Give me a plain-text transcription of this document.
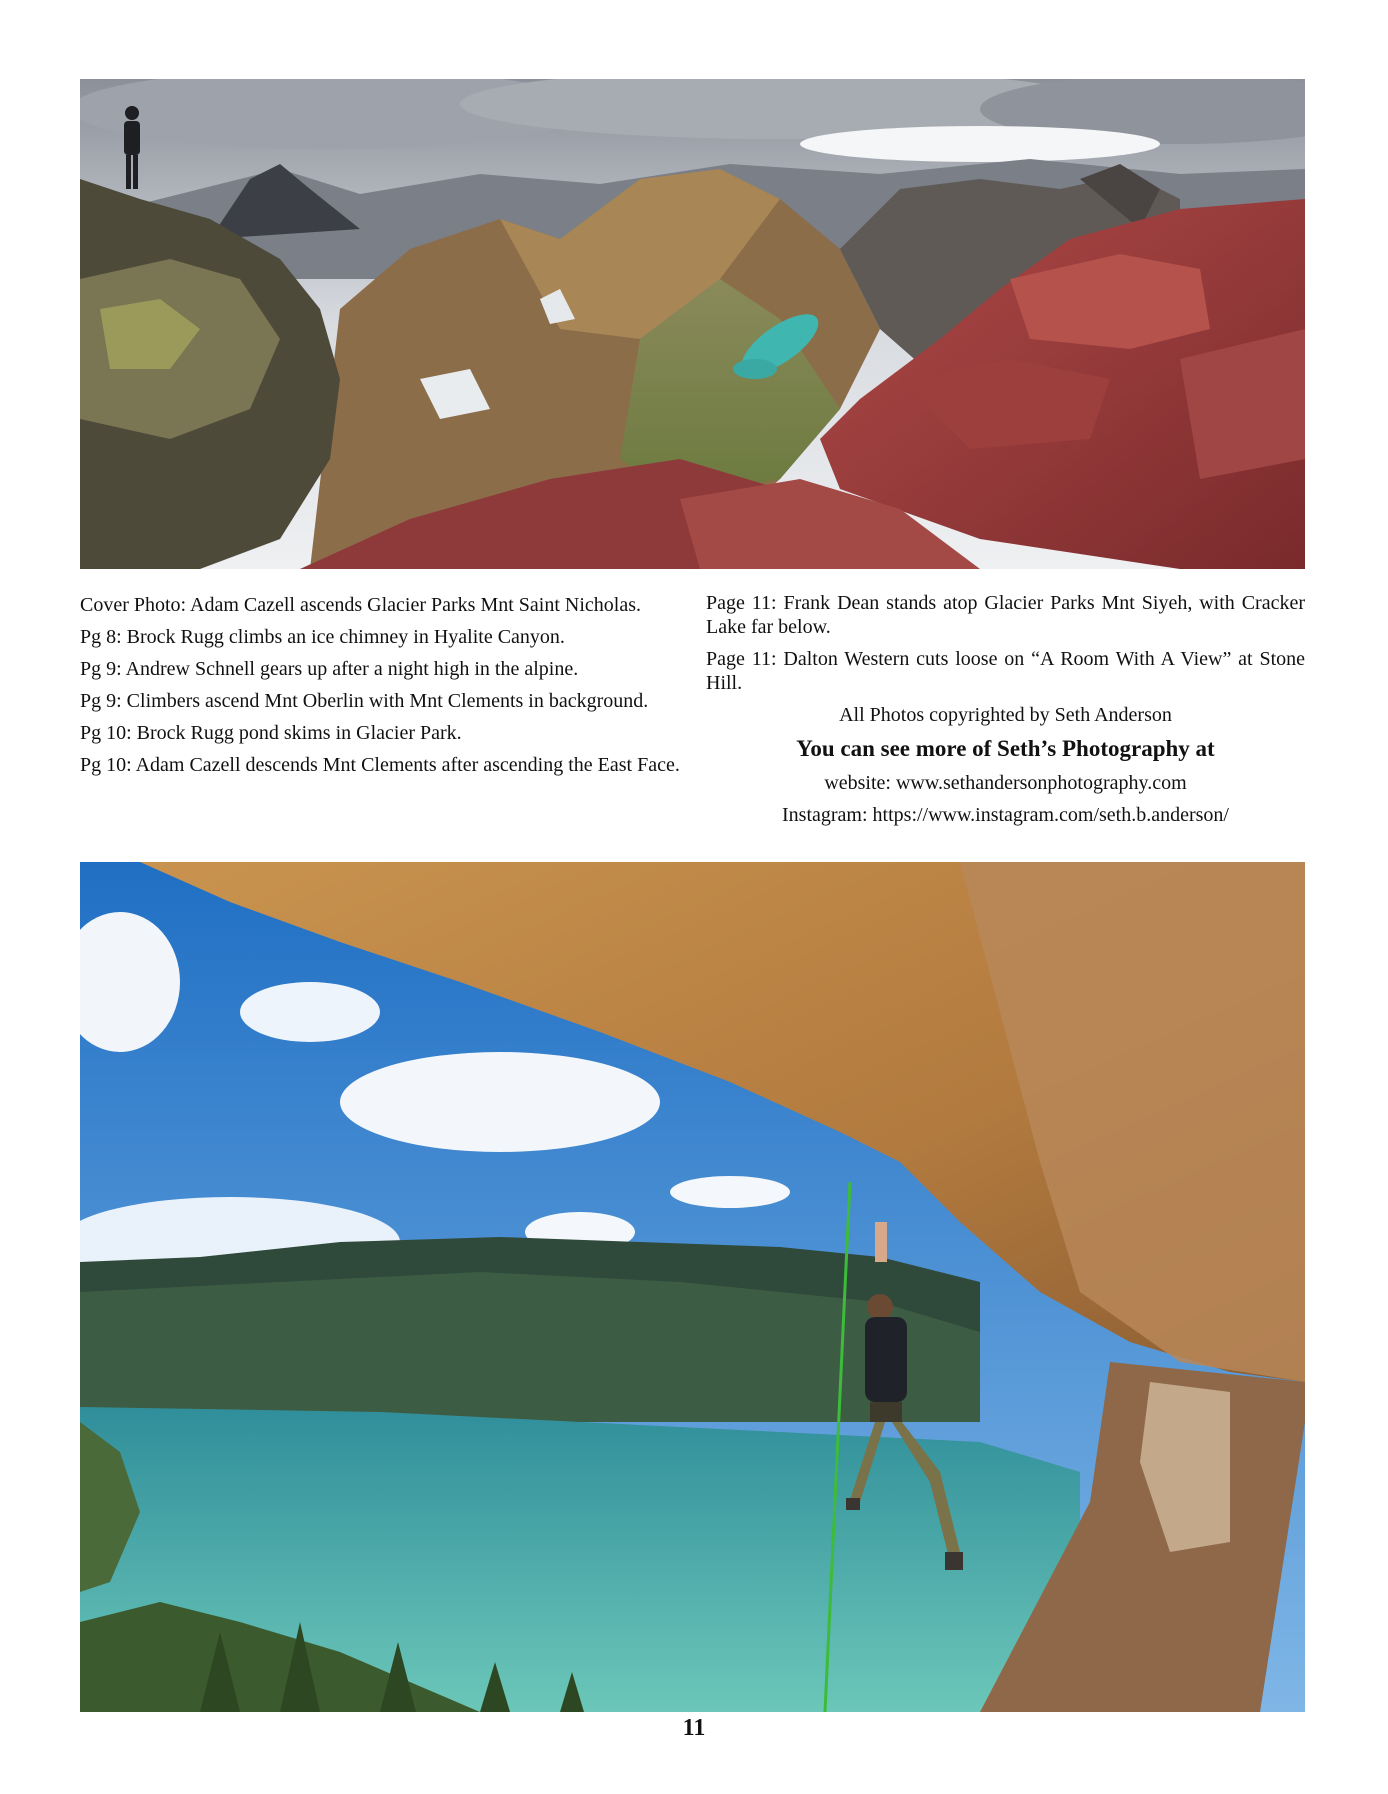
Cover Photo: Adam Cazell ascends Glacier Parks Mnt Saint Nicholas.

Pg 8: Brock Rugg climbs an ice chimney in Hyalite Canyon.

Pg 9: Andrew Schnell gears up after a night high in the alpine.

Pg 9: Climbers ascend Mnt Oberlin with Mnt Clements in background.

Pg 10: Brock Rugg pond skims in Glacier Park.

Pg 10: Adam Cazell descends Mnt Clements after ascending the East Face.

Page 11: Frank Dean stands atop Glacier Parks Mnt Siyeh, with Cracker Lake far below.

Page 11: Dalton Western cuts loose on “A Room With A View” at Stone Hill.

All Photos copyrighted by Seth Anderson
You can see more of Seth’s Photography at
website: www.sethandersonphotography.com
Instagram: https://www.instagram.com/seth.b.anderson/
11
